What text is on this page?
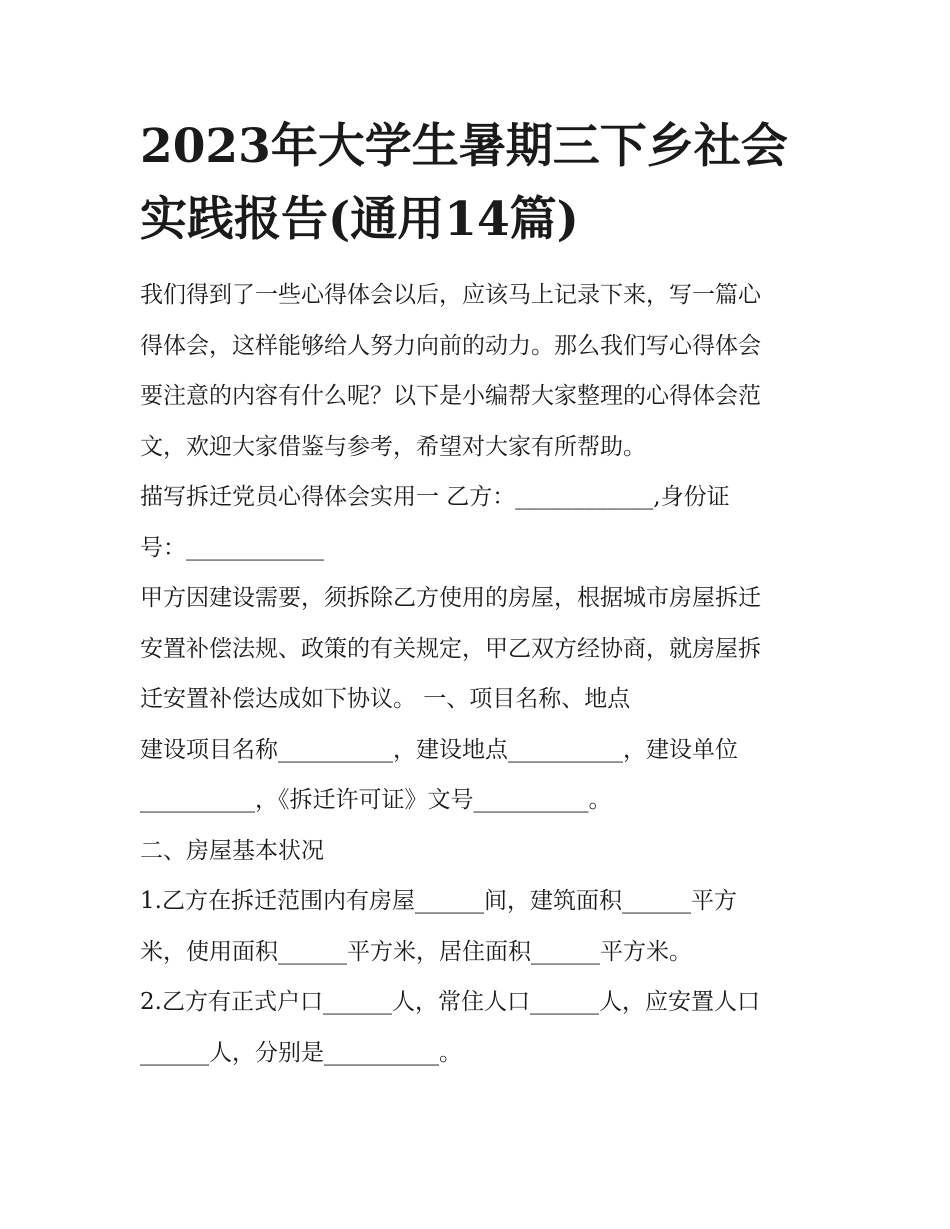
2023年大学生暑期三下乡社会
实践报告(通用14篇)
我们得到了一些心得体会以后，应该马上记录下来，写一篇心
得体会，这样能够给人努力向前的动力。那么我们写心得体会
要注意的内容有什么呢？以下是小编帮大家整理的心得体会范
文，欢迎大家借鉴与参考，希望对大家有所帮助。
描写拆迁党员心得体会实用一 乙方：____________,身份证
号：____________
甲方因建设需要，须拆除乙方使用的房屋，根据城市房屋拆迁
安置补偿法规、政策的有关规定，甲乙双方经协商，就房屋拆
迁安置补偿达成如下协议。 一、项目名称、地点
建设项目名称__________，建设地点__________，建设单位
__________，《拆迁许可证》文号__________。
二、房屋基本状况
1.乙方在拆迁范围内有房屋______间，建筑面积______平方
米，使用面积______平方米，居住面积______平方米。
2.乙方有正式户口______人，常住人口______人，应安置人口
______人，分别是__________。
